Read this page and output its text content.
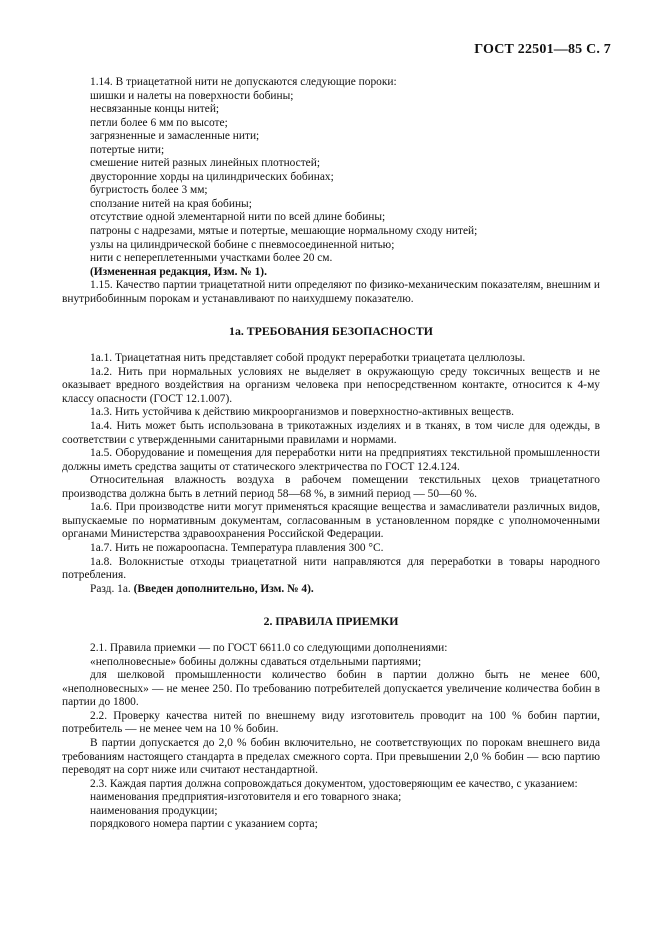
ГОСТ 22501—85 С. 7

1.14. В триацетатной нити не допускаются следующие пороки:

шишки и налеты на поверхности бобины;

несвязанные концы нитей;

петли более 6 мм по высоте;

загрязненные и замасленные нити;

потертые нити;

смешение нитей разных линейных плотностей;

двусторонние хорды на цилиндрических бобинах;

бугристость более 3 мм;

сползание нитей на края бобины;

отсутствие одной элементарной нити по всей длине бобины;

патроны с надрезами, мятые и потертые, мешающие нормальному сходу нитей;

узлы на цилиндрической бобине с пневмосоединенной нитью;

нити с непереплетенными участками более 20 см.

(Измененная редакция, Изм. № 1).

1.15. Качество партии триацетатной нити определяют по физико-механическим показателям, внешним и внутрибобинным порокам и устанавливают по наихудшему показателю.

1а. ТРЕБОВАНИЯ БЕЗОПАСНОСТИ

1а.1. Триацетатная нить представляет собой продукт переработки триацетата целлюлозы.

1а.2. Нить при нормальных условиях не выделяет в окружающую среду токсичных веществ и не оказывает вредного воздействия на организм человека при непосредственном контакте, относится к 4-му классу опасности (ГОСТ 12.1.007).

1а.3. Нить устойчива к действию микроорганизмов и поверхностно-активных веществ.

1а.4. Нить может быть использована в трикотажных изделиях и в тканях, в том числе для одежды, в соответствии с утвержденными санитарными правилами и нормами.

1а.5. Оборудование и помещения для переработки нити на предприятиях текстильной промышленности должны иметь средства защиты от статического электричества по ГОСТ 12.4.124.

Относительная влажность воздуха в рабочем помещении текстильных цехов триацетатного производства должна быть в летний период 58—68 %, в зимний период — 50—60 %.

1а.6. При производстве нити могут применяться красящие вещества и замасливатели различных видов, выпускаемые по нормативным документам, согласованным в установленном порядке с уполномоченными органами Министерства здравоохранения Российской Федерации.

1а.7. Нить не пожароопасна. Температура плавления 300 °С.

1а.8. Волокнистые отходы триацетатной нити направляются для переработки в товары народного потребления.

Разд. 1а. (Введен дополнительно, Изм. № 4).

2. ПРАВИЛА ПРИЕМКИ

2.1. Правила приемки — по ГОСТ 6611.0 со следующими дополнениями:

«неполновесные» бобины должны сдаваться отдельными партиями;

для шелковой промышленности количество бобин в партии должно быть не менее 600, «неполновесных» — не менее 250. По требованию потребителей допускается увеличение количества бобин в партии до 1800.

2.2. Проверку качества нитей по внешнему виду изготовитель проводит на 100 % бобин партии, потребитель — не менее чем на 10 % бобин.

В партии допускается до 2,0 % бобин включительно, не соответствующих по порокам внешнего вида требованиям настоящего стандарта в пределах смежного сорта. При превышении 2,0 % бобин — всю партию переводят на сорт ниже или считают нестандартной.

2.3. Каждая партия должна сопровождаться документом, удостоверяющим ее качество, с указанием:

наименования предприятия-изготовителя и его товарного знака;

наименования продукции;

порядкового номера партии с указанием сорта;
